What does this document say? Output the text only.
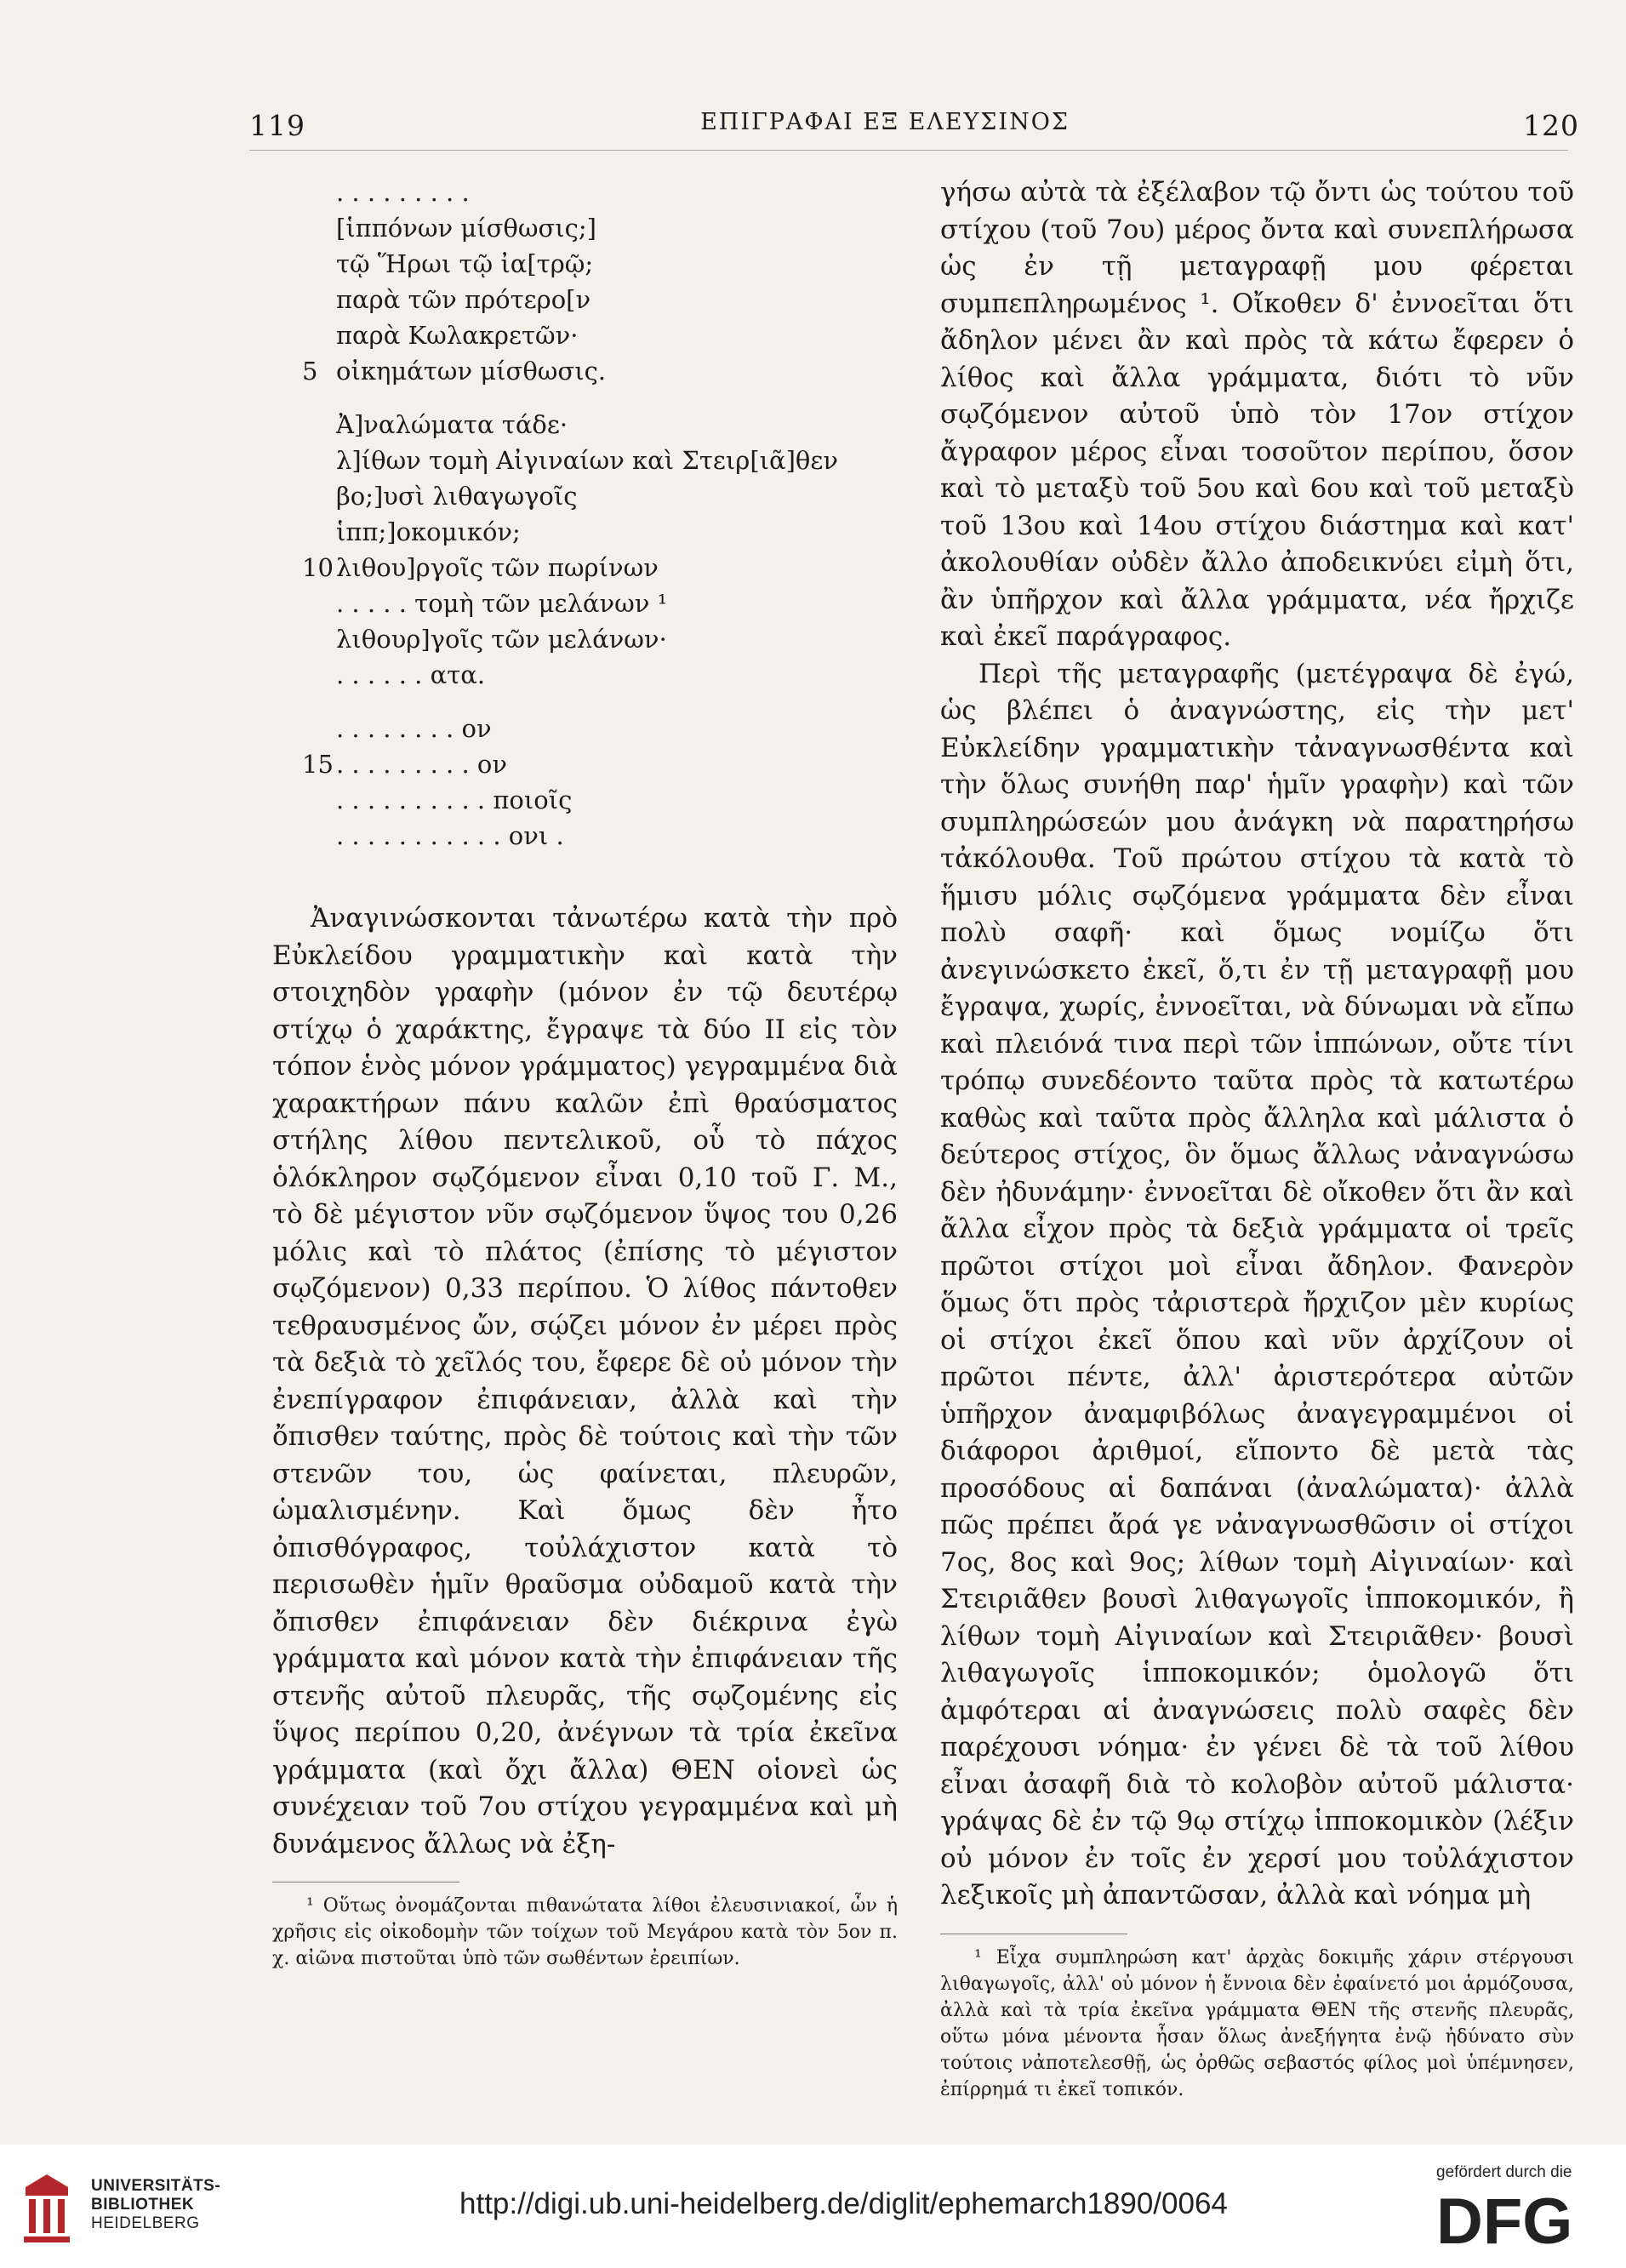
119	ΕΠΙΓΡΑΦΑΙ ΕΞ ΕΛΕΥΣΙΝΟΣ	120
. . . . . . . . .
[ἱππόνων μίσθωσις;]
τῷ Ἥρωι τῷ ἰα[τρῷ;
παρὰ τῶν πρότερο[ν
παρὰ Κωλακρετῶν·
5 οἰκημάτων μίσθωσις.
Ἀ]ναλώματα τάδε·
λ]ίθων τομὴ Αἰγιναίων καὶ Στειρ[ιᾶ]θεν
βο;]υσὶ λιθαγωγοῖς
ἱππ;]οκομικόν;
10 λιθου]ργοῖς τῶν πωρίνων
. . . . . τομὴ τῶν μελάνων ¹
λιθουρ]γοῖς τῶν μελάνων·
. . . . . . ατα.
. . . . . . . . ον
15 . . . . . . . . . ον
. . . . . . . . . . ποιοῖς
. . . . . . . . . . . ονι .

Ἀναγινώσκονται τἀνωτέρω κατὰ τὴν πρὸ Εὐκλείδου γραμματικὴν καὶ κατὰ τὴν στοιχηδὸν γραφὴν (μόνον ἐν τῷ δευτέρῳ στίχῳ ὁ χαράκτης, ἔγραψε τὰ δύο ΙΙ εἰς τὸν τόπον ἑνὸς μόνον γράμματος) γεγραμμένα διὰ χαρακτήρων πάνυ καλῶν ἐπὶ θραύσματος στήλης λίθου πεντελικοῦ, οὗ τὸ πάχος ὁλόκληρον σῳζόμενον εἶναι 0,10 τοῦ Γ. Μ., τὸ δὲ μέγιστον νῦν σῳζόμενον ὕψος του 0,26 μόλις καὶ τὸ πλάτος (ἐπίσης τὸ μέγιστον σῳζόμενον) 0,33 περίπου. Ὁ λίθος πάντοθεν τεθραυσμένος ὤν, σῴζει μόνον ἐν μέρει πρὸς τὰ δεξιὰ τὸ χεῖλός του, ἔφερε δὲ οὐ μόνον τὴν ἐνεπίγραφον ἐπιφάνειαν, ἀλλὰ καὶ τὴν ὄπισθεν ταύτης, πρὸς δὲ τούτοις καὶ τὴν τῶν στενῶν του, ὡς φαίνεται, πλευρῶν, ὡμαλισμένην. Καὶ ὅμως δὲν ἦτο ὀπισθόγραφος, τοὐλάχιστον κατὰ τὸ περισωθὲν ἡμῖν θραῦσμα οὐδαμοῦ κατὰ τὴν ὄπισθεν ἐπιφάνειαν δὲν διέκρινα ἐγὼ γράμματα καὶ μόνον κατὰ τὴν ἐπιφάνειαν τῆς στενῆς αὐτοῦ πλευρᾶς, τῆς σῳζομένης εἰς ὕψος περίπου 0,20, ἀνέγνων τὰ τρία ἐκεῖνα γράμματα (καὶ ὄχι ἄλλα) ΘΕΝ οἱονεὶ ὡς συνέχειαν τοῦ 7ου στίχου γεγραμμένα καὶ μὴ δυνάμενος ἄλλως νὰ ἐξη-

¹ Οὕτως ὀνομάζονται πιθανώτατα λίθοι ἐλευσινιακοί, ὧν ἡ χρῆσις εἰς οἰκοδομὴν τῶν τοίχων τοῦ Μεγάρου κατὰ τὸν 5ον π. χ. αἰῶνα πιστοῦται ὑπὸ τῶν σωθέντων ἐρειπίων.

γήσω αὐτὰ τὰ ἐξέλαβον τῷ ὄντι ὡς τούτου τοῦ στίχου (τοῦ 7ου) μέρος ὄντα καὶ συνεπλήρωσα ὡς ἐν τῇ μεταγραφῇ μου φέρεται συμπεπληρωμένος ¹. Οἴκοθεν δ' ἐννοεῖται ὅτι ἄδηλον μένει ἂν καὶ πρὸς τὰ κάτω ἔφερεν ὁ λίθος καὶ ἄλλα γράμματα, διότι τὸ νῦν σῳζόμενον αὐτοῦ ὑπὸ τὸν 17ον στίχον ἄγραφον μέρος εἶναι τοσοῦτον περίπου, ὅσον καὶ τὸ μεταξὺ τοῦ 5ου καὶ 6ου καὶ τοῦ μεταξὺ τοῦ 13ου καὶ 14ου στίχου διάστημα καὶ κατ' ἀκολουθίαν οὐδὲν ἄλλο ἀποδεικνύει εἰμὴ ὅτι, ἂν ὑπῆρχον καὶ ἄλλα γράμματα, νέα ἤρχιζε καὶ ἐκεῖ παράγραφος.

Περὶ τῆς μεταγραφῆς (μετέγραψα δὲ ἐγώ, ὡς βλέπει ὁ ἀναγνώστης, εἰς τὴν μετ' Εὐκλείδην γραμματικὴν τἀναγνωσθέντα καὶ τὴν ὅλως συνήθη παρ' ἡμῖν γραφὴν) καὶ τῶν συμπληρώσεών μου ἀνάγκη νὰ παρατηρήσω τἀκόλουθα. Τοῦ πρώτου στίχου τὰ κατὰ τὸ ἥμισυ μόλις σῳζόμενα γράμματα δὲν εἶναι πολὺ σαφῆ· καὶ ὅμως νομίζω ὅτι ἀνεγινώσκετο ἐκεῖ, ὅ,τι ἐν τῇ μεταγραφῇ μου ἔγραψα, χωρίς, ἐννοεῖται, νὰ δύνωμαι νὰ εἴπω καὶ πλειόνά τινα περὶ τῶν ἱππώνων, οὔτε τίνι τρόπῳ συνεδέοντο ταῦτα πρὸς τὰ κατωτέρω καθὼς καὶ ταῦτα πρὸς ἄλληλα καὶ μάλιστα ὁ δεύτερος στίχος, ὃν ὅμως ἄλλως νἀναγνώσω δὲν ἠδυνάμην· ἐννοεῖται δὲ οἴκοθεν ὅτι ἂν καὶ ἄλλα εἶχον πρὸς τὰ δεξιὰ γράμματα οἱ τρεῖς πρῶτοι στίχοι μοὶ εἶναι ἄδηλον. Φανερὸν ὅμως ὅτι πρὸς τἀριστερὰ ἤρχιζον μὲν κυρίως οἱ στίχοι ἐκεῖ ὅπου καὶ νῦν ἀρχίζουν οἱ πρῶτοι πέντε, ἀλλ' ἀριστερότερα αὐτῶν ὑπῆρχον ἀναμφιβόλως ἀναγεγραμμένοι οἱ διάφοροι ἀριθμοί, εἵποντο δὲ μετὰ τὰς προσόδους αἱ δαπάναι (ἀναλώματα)· ἀλλὰ πῶς πρέπει ἄρά γε νἀναγνωσθῶσιν οἱ στίχοι 7ος, 8ος καὶ 9ος; λίθων τομὴ Αἰγιναίων· καὶ Στειριᾶθεν βουσὶ λιθαγωγοῖς ἱπποκομικόν, ἢ λίθων τομὴ Αἰγιναίων καὶ Στειριᾶθεν· βουσὶ λιθαγωγοῖς ἱπποκομικόν; ὁμολογῶ ὅτι ἀμφότεραι αἱ ἀναγνώσεις πολὺ σαφὲς δὲν παρέχουσι νόημα· ἐν γένει δὲ τὰ τοῦ λίθου εἶναι ἀσαφῆ διὰ τὸ κολοβὸν αὐτοῦ μάλιστα· γράψας δὲ ἐν τῷ 9ῳ στίχῳ ἱπποκομικὸν (λέξιν οὐ μόνον ἐν τοῖς ἐν χερσί μου τοὐλάχιστον λεξικοῖς μὴ ἀπαντῶσαν, ἀλλὰ καὶ νόημα μὴ

¹ Εἶχα συμπληρώση κατ' ἀρχὰς δοκιμῆς χάριν στέργουσι λιθαγωγοῖς, ἀλλ' οὐ μόνον ἡ ἔννοια δὲν ἐφαίνετό μοι ἁρμόζουσα, ἀλλὰ καὶ τὰ τρία ἐκεῖνα γράμματα ΘΕΝ τῆς στενῆς πλευρᾶς, οὕτω μόνα μένοντα ἦσαν ὅλως ἀνεξήγητα ἐνῷ ἠδύνατο σὺν τούτοις νἀποτελεσθῇ, ὡς ὀρθῶς σεβαστός φίλος μοὶ ὑπέμνησεν, ἐπίρρημά τι ἐκεῖ τοπικόν.

UNIVERSITÄTS-
BIBLIOTHEK
HEIDELBERG
http://digi.ub.uni-heidelberg.de/diglit/ephemarch1890/0064
gefördert durch die
DFG
